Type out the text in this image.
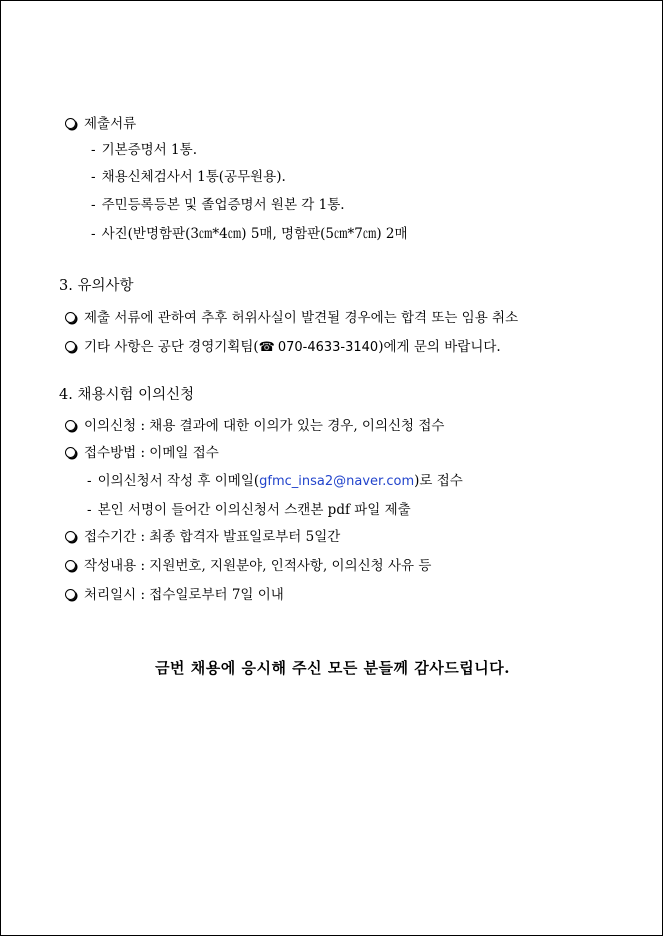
제출서류
- 기본증명서 1통.
- 채용신체검사서 1통(공무원용).
- 주민등록등본 및 졸업증명서 원본 각 1통.
- 사진(반명함판(3㎝*4㎝) 5매, 명함판(5㎝*7㎝) 2매
3. 유의사항
제출 서류에 관하여 추후 허위사실이 발견될 경우에는 합격 또는 임용 취소
기타 사항은 공단 경영기획팀(☎ 070-4633-3140)에게 문의 바랍니다.
4. 채용시험 이의신청
이의신청 : 채용 결과에 대한 이의가 있는 경우, 이의신청 접수
접수방법 : 이메일 접수
- 이의신청서 작성 후 이메일(gfmc_insa2@naver.com)로 접수
- 본인 서명이 들어간 이의신청서 스캔본 pdf 파일 제출
접수기간 : 최종 합격자 발표일로부터 5일간
작성내용 : 지원번호, 지원분야, 인적사항, 이의신청 사유 등
처리일시 : 접수일로부터 7일 이내
금번 채용에 응시해 주신 모든 분들께 감사드립니다.
